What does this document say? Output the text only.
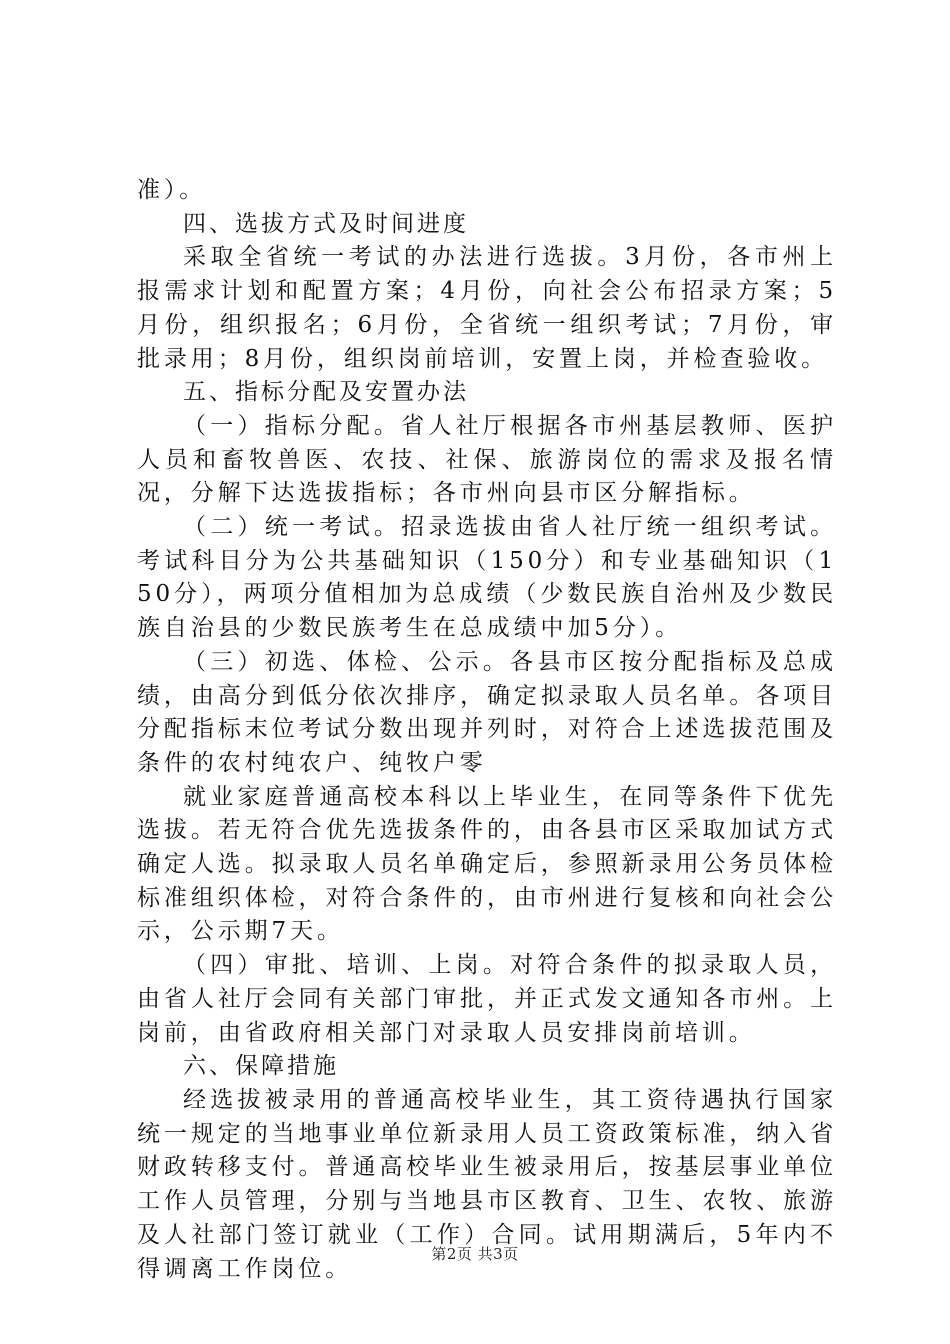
准）。

四、选拔方式及时间进度

采取全省统一考试的办法进行选拔。3月份，各市州上报需求计划和配置方案；4月份，向社会公布招录方案；5月份，组织报名；6月份，全省统一组织考试；7月份，审批录用；8月份，组织岗前培训，安置上岗，并检查验收。

五、指标分配及安置办法

（一）指标分配。省人社厅根据各市州基层教师、医护人员和畜牧兽医、农技、社保、旅游岗位的需求及报名情况，分解下达选拔指标；各市州向县市区分解指标。

（二）统一考试。招录选拔由省人社厅统一组织考试。考试科目分为公共基础知识（150分）和专业基础知识（150分），两项分值相加为总成绩（少数民族自治州及少数民族自治县的少数民族考生在总成绩中加5分）。

（三）初选、体检、公示。各县市区按分配指标及总成绩，由高分到低分依次排序，确定拟录取人员名单。各项目分配指标末位考试分数出现并列时，对符合上述选拔范围及条件的农村纯农户、纯牧户零

就业家庭普通高校本科以上毕业生，在同等条件下优先选拔。若无符合优先选拔条件的，由各县市区采取加试方式确定人选。拟录取人员名单确定后，参照新录用公务员体检标准组织体检，对符合条件的，由市州进行复核和向社会公示，公示期7天。

（四）审批、培训、上岗。对符合条件的拟录取人员，由省人社厅会同有关部门审批，并正式发文通知各市州。上岗前，由省政府相关部门对录取人员安排岗前培训。

六、保障措施

经选拔被录用的普通高校毕业生，其工资待遇执行国家统一规定的当地事业单位新录用人员工资政策标准，纳入省财政转移支付。普通高校毕业生被录用后，按基层事业单位工作人员管理，分别与当地县市区教育、卫生、农牧、旅游及人社部门签订就业（工作）合同。试用期满后，5年内不得调离工作岗位。

第2页 共3页
